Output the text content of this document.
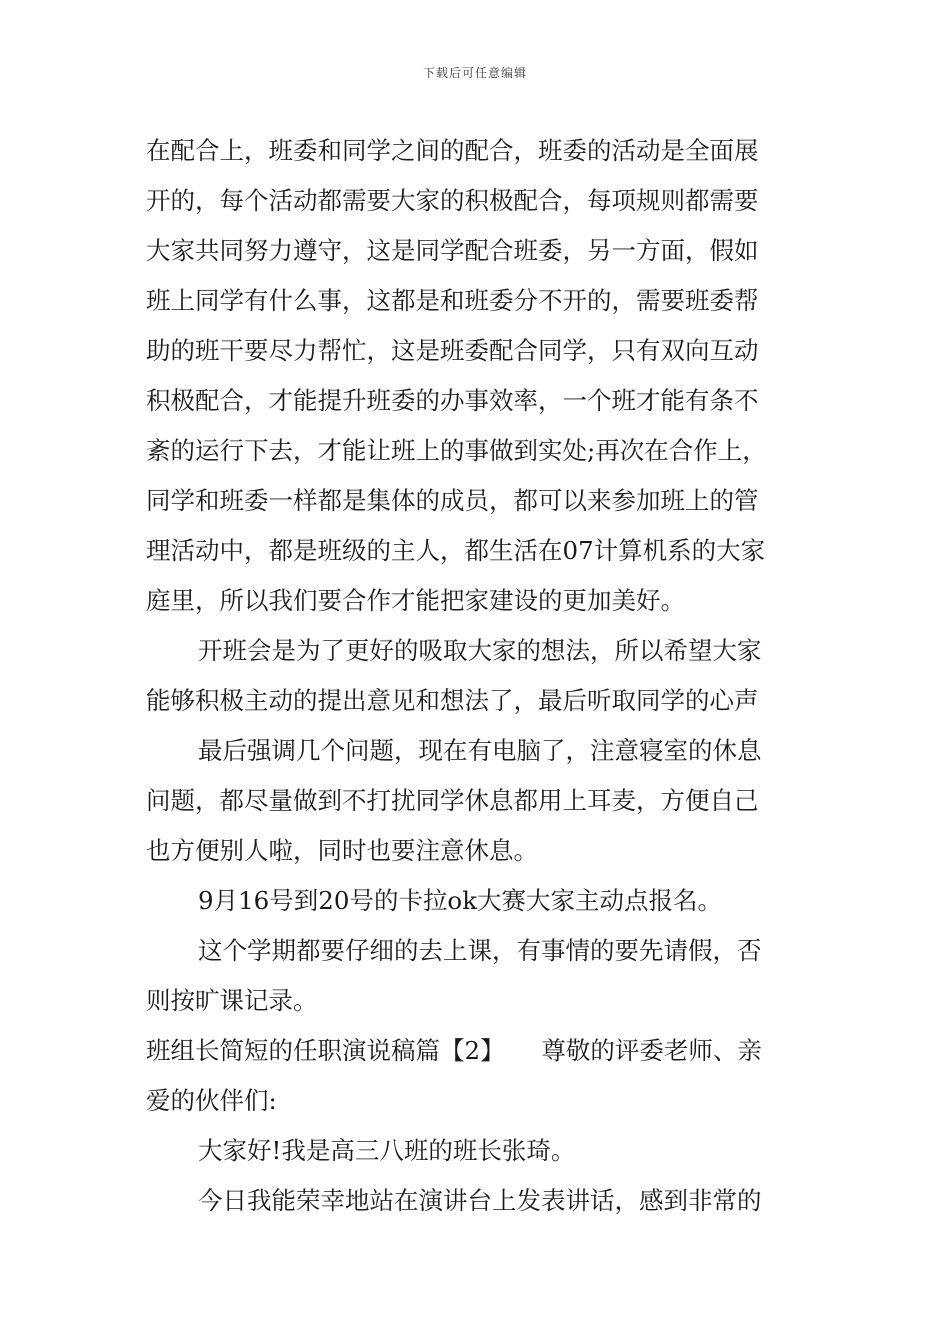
下载后可任意编辑
在配合上，班委和同学之间的配合，班委的活动是全面展
开的，每个活动都需要大家的积极配合，每项规则都需要
大家共同努力遵守，这是同学配合班委，另一方面，假如
班上同学有什么事，这都是和班委分不开的，需要班委帮
助的班干要尽力帮忙，这是班委配合同学，只有双向互动
积极配合，才能提升班委的办事效率，一个班才能有条不
紊的运行下去，才能让班上的事做到实处;再次在合作上，
同学和班委一样都是集体的成员，都可以来参加班上的管
理活动中，都是班级的主人，都生活在07计算机系的大家
庭里，所以我们要合作才能把家建设的更加美好。
开班会是为了更好的吸取大家的想法，所以希望大家
能够积极主动的提出意见和想法了，最后听取同学的心声
最后强调几个问题，现在有电脑了，注意寝室的休息
问题，都尽量做到不打扰同学休息都用上耳麦，方便自己
也方便别人啦，同时也要注意休息。
9月16号到20号的卡拉ok大赛大家主动点报名。
这个学期都要仔细的去上课，有事情的要先请假，否
则按旷课记录。
班组长简短的任职演说稿篇【2】　　尊敬的评委老师、亲
爱的伙伴们:
大家好!我是高三八班的班长张琦。
今日我能荣幸地站在演讲台上发表讲话，感到非常的
